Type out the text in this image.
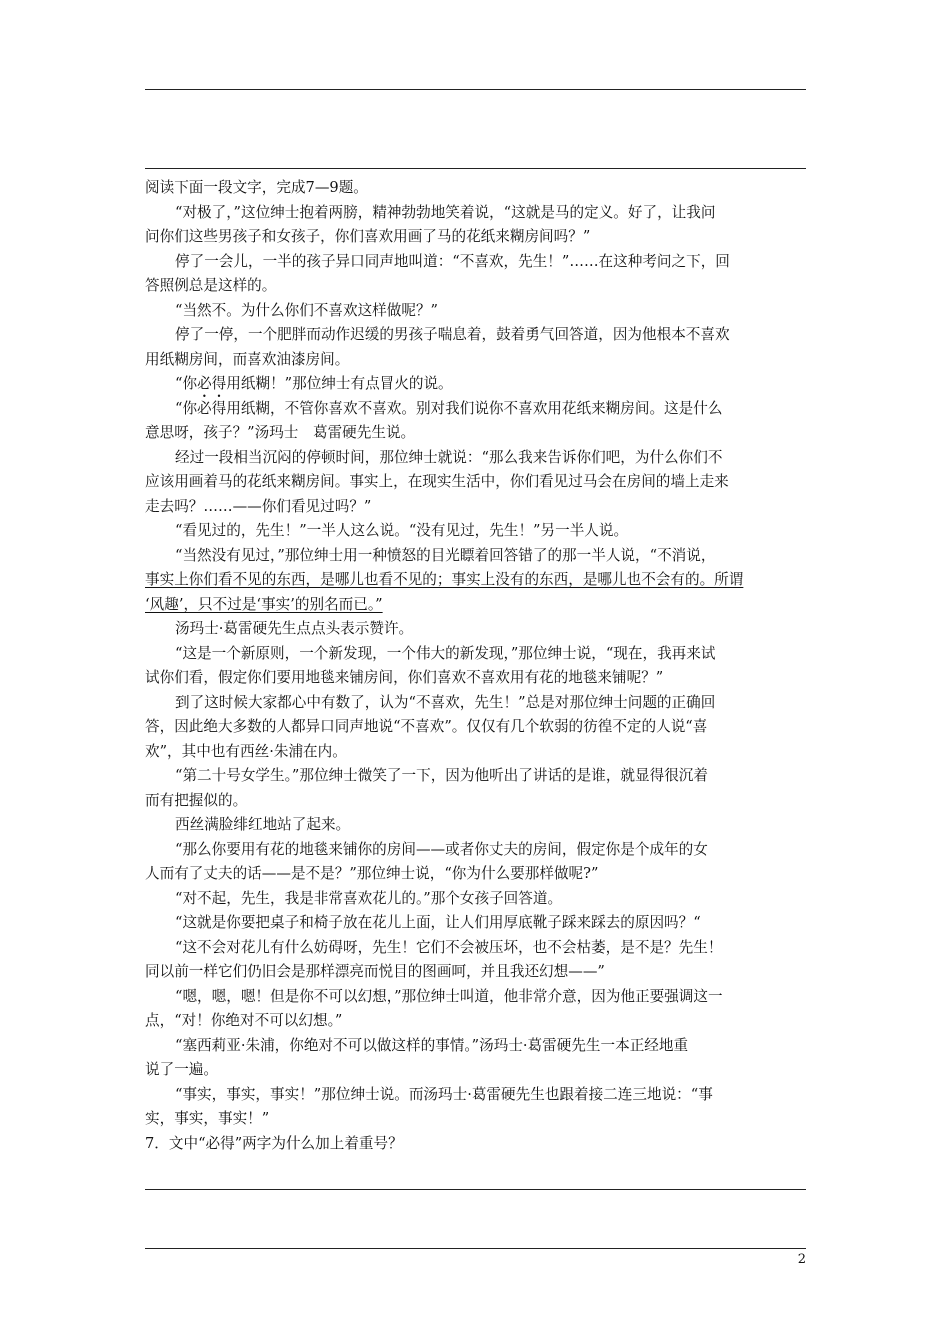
阅读下面一段文字，完成7—9题。
“对极了，”这位绅士抱着两膀，精神勃勃地笑着说，“这就是马的定义。好了，让我问
问你们这些男孩子和女孩子，你们喜欢用画了马的花纸来糊房间吗？”
停了一会儿，一半的孩子异口同声地叫道：“不喜欢，先生！”……在这种考问之下，回
答照例总是这样的。
“当然不。为什么你们不喜欢这样做呢？”
停了一停，一个肥胖而动作迟缓的男孩子喘息着，鼓着勇气回答道，因为他根本不喜欢
用纸糊房间，而喜欢油漆房间。
“你必得用纸糊！”那位绅士有点冒火的说。
“你必得用纸糊，不管你喜欢不喜欢。别对我们说你不喜欢用花纸来糊房间。这是什么
意思呀，孩子？”汤玛士　葛雷硬先生说。
经过一段相当沉闷的停顿时间，那位绅士就说：“那么我来告诉你们吧，为什么你们不
应该用画着马的花纸来糊房间。事实上，在现实生活中，你们看见过马会在房间的墙上走来
走去吗？……——你们看见过吗？”
“看见过的，先生！”一半人这么说。“没有见过，先生！”另一半人说。
“当然没有见过，”那位绅士用一种愤怒的目光瞟着回答错了的那一半人说，“不消说，
事实上你们看不见的东西，是哪儿也看不见的；事实上没有的东西，是哪儿也不会有的。所谓
‘风趣’，只不过是‘事实’的别名而已。”
汤玛士·葛雷硬先生点点头表示赞许。
“这是一个新原则，一个新发现，一个伟大的新发现，”那位绅士说，“现在，我再来试
试你们看，假定你们要用地毯来铺房间，你们喜欢不喜欢用有花的地毯来铺呢？”
到了这时候大家都心中有数了，认为“不喜欢，先生！”总是对那位绅士问题的正确回
答，因此绝大多数的人都异口同声地说“不喜欢”。仅仅有几个软弱的彷徨不定的人说“喜
欢”，其中也有西丝·朱浦在内。
“第二十号女学生。”那位绅士微笑了一下，因为他听出了讲话的是谁，就显得很沉着
而有把握似的。
西丝满脸绯红地站了起来。
“那么你要用有花的地毯来铺你的房间——或者你丈夫的房间，假定你是个成年的女
人而有了丈夫的话——是不是？”那位绅士说，“你为什么要那样做呢?”
“对不起，先生，我是非常喜欢花儿的。”那个女孩子回答道。
“这就是你要把桌子和椅子放在花儿上面，让人们用厚底靴子踩来踩去的原因吗？“
“这不会对花儿有什么妨碍呀，先生！它们不会被压坏，也不会枯萎，是不是？先生！
同以前一样它们仍旧会是那样漂亮而悦目的图画呵，并且我还幻想——”
“嗯，嗯，嗯！但是你不可以幻想，”那位绅士叫道，他非常介意，因为他正要强调这一
点，“对！你绝对不可以幻想。”
“塞西莉亚·朱浦，你绝对不可以做这样的事情。”汤玛士·葛雷硬先生一本正经地重
说了一遍。
“事实，事实，事实！”那位绅士说。而汤玛士·葛雷硬先生也跟着接二连三地说：“事
实，事实，事实！”
7．文中“必得”两字为什么加上着重号？
2
